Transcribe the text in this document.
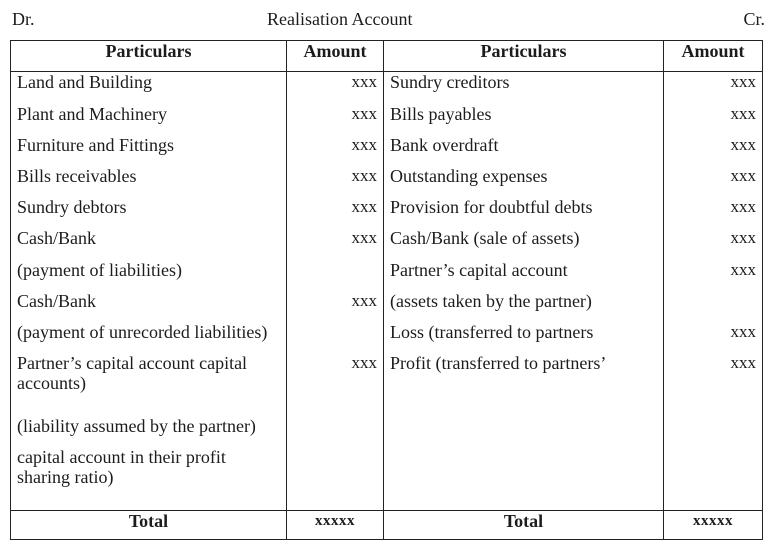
Dr.	Realisation Account	Cr.
Particulars	Amount	Particulars	Amount
Land and Building	xxx	Sundry creditors	xxx
Plant and Machinery	xxx	Bills payables	xxx
Furniture and Fittings	xxx	Bank overdraft	xxx
Bills receivables	xxx	Outstanding expenses	xxx
Sundry debtors	xxx	Provision for doubtful debts	xxx
Cash/Bank	xxx	Cash/Bank (sale of assets)	xxx
(payment of liabilities)		Partner’s capital account	xxx
Cash/Bank	xxx	(assets taken by the partner)	
(payment of unrecorded liabilities)		Loss (transferred to partners	xxx
Partner’s capital account capital accounts)	xxx	Profit (transferred to partners’	xxx
(liability assumed by the partner)			
capital account in their profit sharing ratio)			
Total	xxxxx	Total	xxxxx
